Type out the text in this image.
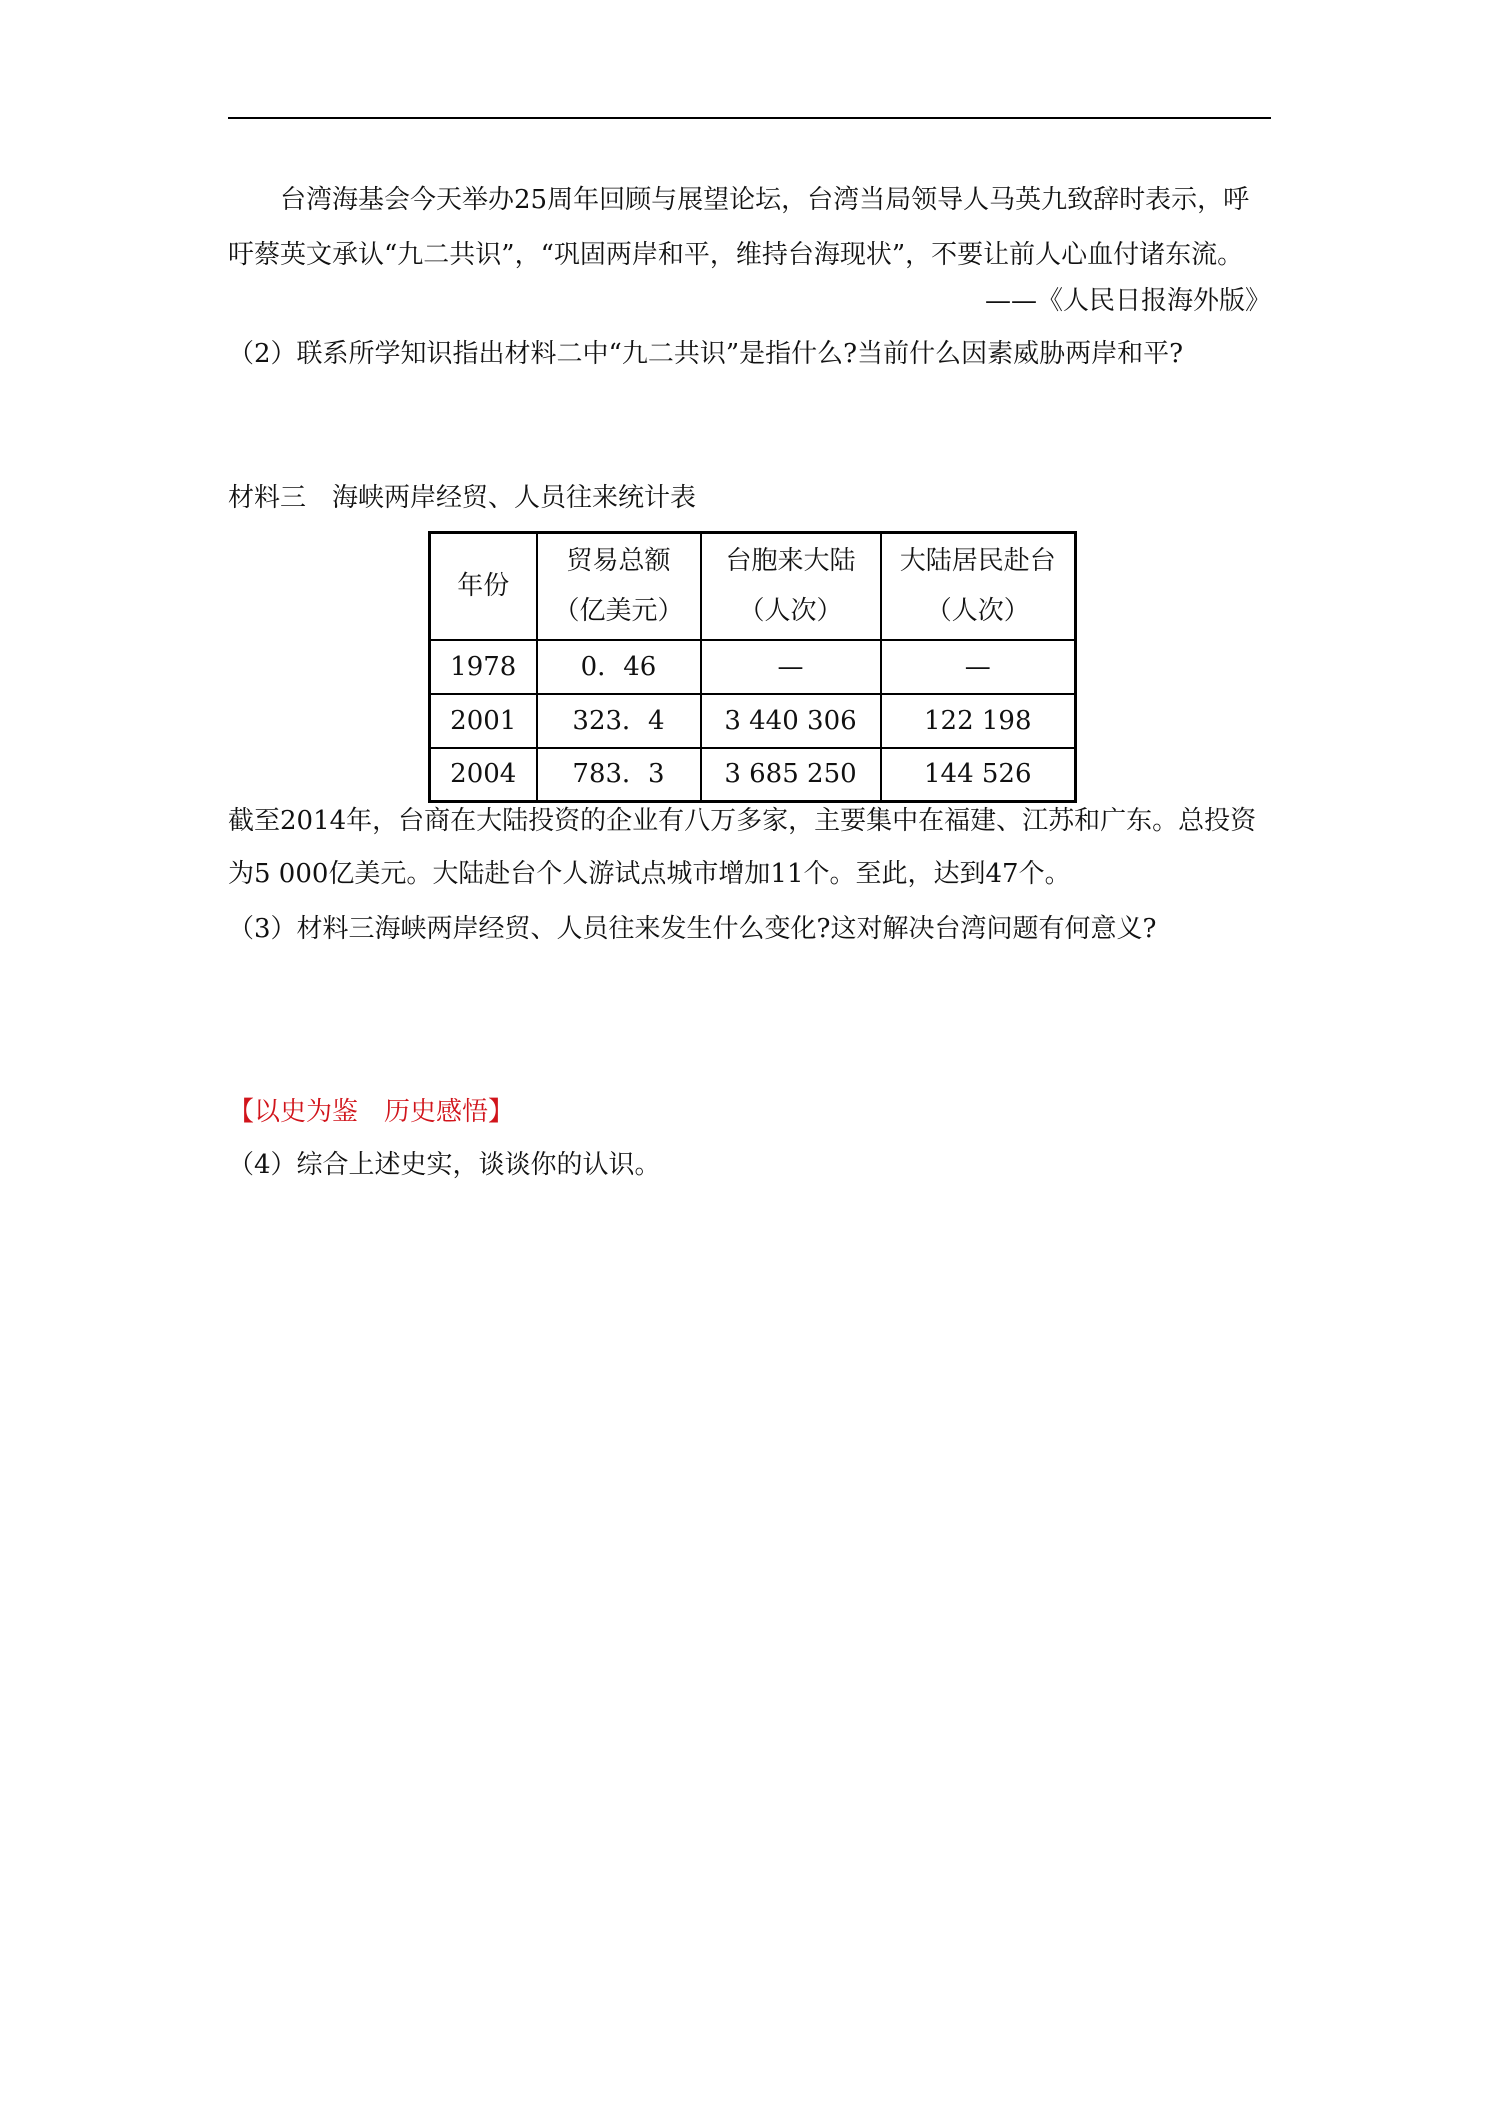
台湾海基会今天举办25周年回顾与展望论坛，台湾当局领导人马英九致辞时表示，呼
吁蔡英文承认“九二共识”，“巩固两岸和平，维持台海现状”，不要让前人心血付诸东流。
——《人民日报海外版》
（2）联系所学知识指出材料二中“九二共识”是指什么?当前什么因素威胁两岸和平?
材料三　海峡两岸经贸、人员往来统计表
年份	贸易总额（亿美元）	台胞来大陆（人次）	大陆居民赴台（人次）
1978	0．46	—	—
2001	323．4	3 440 306	122 198
2004	783．3	3 685 250	144 526
截至2014年，台商在大陆投资的企业有八万多家，主要集中在福建、江苏和广东。总投资
为5 000亿美元。大陆赴台个人游试点城市增加11个。至此，达到47个。
（3）材料三海峡两岸经贸、人员往来发生什么变化?这对解决台湾问题有何意义?
【以史为鉴　历史感悟】
（4）综合上述史实，谈谈你的认识。
